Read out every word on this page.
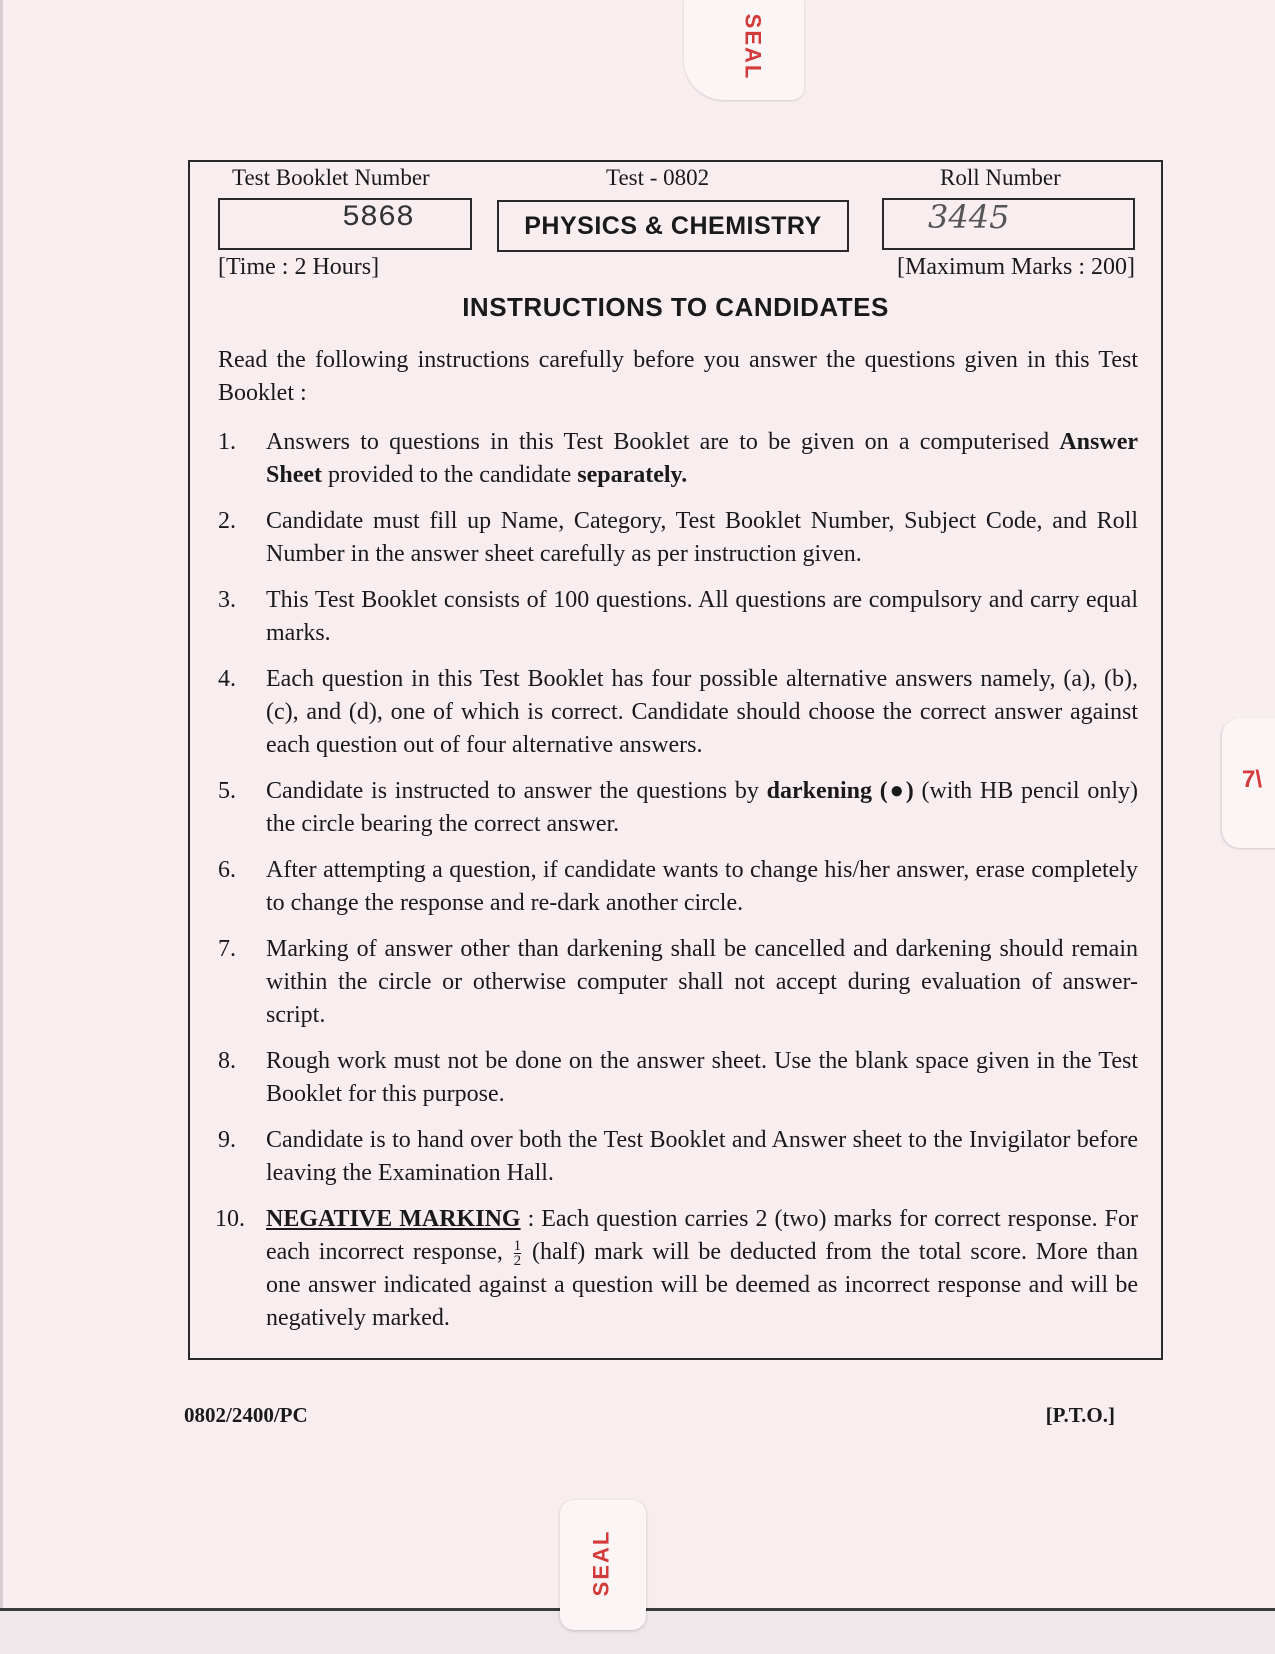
SEAL
7\
Test Booklet Number	Test - 0802	Roll Number
5868	PHYSICS & CHEMISTRY	3445
[Time : 2 Hours]	[Maximum Marks : 200]
INSTRUCTIONS TO CANDIDATES
Read the following instructions carefully before you answer the questions given in this Test Booklet :
1. Answers to questions in this Test Booklet are to be given on a computerised Answer Sheet provided to the candidate separately.
2. Candidate must fill up Name, Category, Test Booklet Number, Subject Code, and Roll Number in the answer sheet carefully as per instruction given.
3. This Test Booklet consists of 100 questions. All questions are compulsory and carry equal marks.
4. Each question in this Test Booklet has four possible alternative answers namely, (a), (b), (c), and (d), one of which is correct. Candidate should choose the correct answer against each question out of four alternative answers.
5. Candidate is instructed to answer the questions by darkening (●) (with HB pencil only) the circle bearing the correct answer.
6. After attempting a question, if candidate wants to change his/her answer, erase completely to change the response and re-dark another circle.
7. Marking of answer other than darkening shall be cancelled and darkening should remain within the circle or otherwise computer shall not accept during evaluation of answer-script.
8. Rough work must not be done on the answer sheet. Use the blank space given in the Test Booklet for this purpose.
9. Candidate is to hand over both the Test Booklet and Answer sheet to the Invigilator before leaving the Examination Hall.
10. NEGATIVE MARKING : Each question carries 2 (two) marks for correct response. For each incorrect response, $\frac{1}{2}$ (half) mark will be deducted from the total score. More than one answer indicated against a question will be deemed as incorrect response and will be negatively marked.
0802/2400/PC	[P.T.O.]
SEAL
